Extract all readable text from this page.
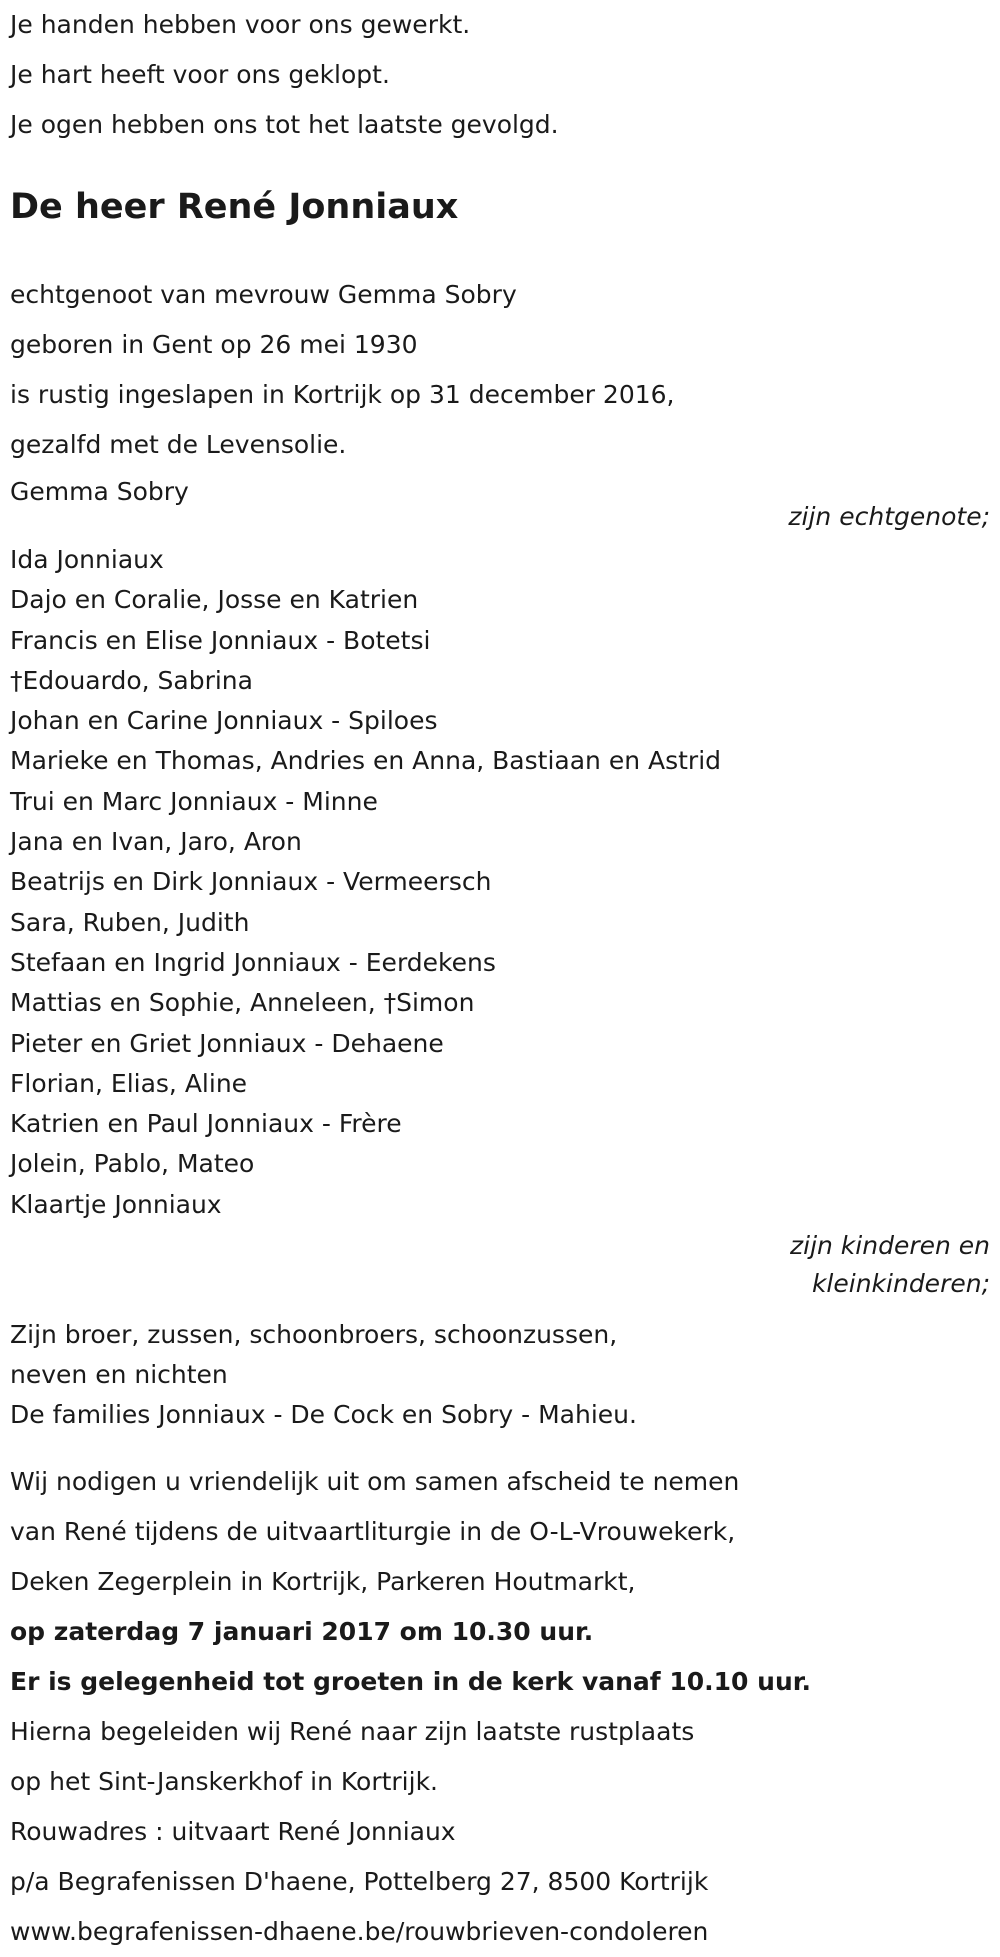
Je handen hebben voor ons gewerkt.

Je hart heeft voor ons geklopt.

Je ogen hebben ons tot het laatste gevolgd.

De heer René Jonniaux

echtgenoot van mevrouw Gemma Sobry

geboren in Gent op 26 mei 1930

is rustig ingeslapen in Kortrijk op 31 december 2016,

gezalfd met de Levensolie.

Gemma Sobry

zijn echtgenote;

Ida Jonniaux

Dajo en Coralie, Josse en Katrien

Francis en Elise Jonniaux - Botetsi

†Edouardo, Sabrina

Johan en Carine Jonniaux - Spiloes

Marieke en Thomas, Andries en Anna, Bastiaan en Astrid

Trui en Marc Jonniaux - Minne

Jana en Ivan, Jaro, Aron

Beatrijs en Dirk Jonniaux - Vermeersch

Sara, Ruben, Judith

Stefaan en Ingrid Jonniaux - Eerdekens

Mattias en Sophie, Anneleen, †Simon

Pieter en Griet Jonniaux - Dehaene

Florian, Elias, Aline

Katrien en Paul Jonniaux - Frère

Jolein, Pablo, Mateo

Klaartje Jonniaux

zijn kinderen en
kleinkinderen;

Zijn broer, zussen, schoonbroers, schoonzussen,

neven en nichten

De families Jonniaux - De Cock en Sobry - Mahieu.

Wij nodigen u vriendelijk uit om samen afscheid te nemen

van René tijdens de uitvaartliturgie in de O-L-Vrouwekerk,

Deken Zegerplein in Kortrijk, Parkeren Houtmarkt,

op zaterdag 7 januari 2017 om 10.30 uur.

Er is gelegenheid tot groeten in de kerk vanaf 10.10 uur.

Hierna begeleiden wij René naar zijn laatste rustplaats

op het Sint-Janskerkhof in Kortrijk.

Rouwadres : uitvaart René Jonniaux

p/a Begrafenissen D'haene, Pottelberg 27, 8500 Kortrijk

www.begrafenissen-dhaene.be/rouwbrieven-condoleren
